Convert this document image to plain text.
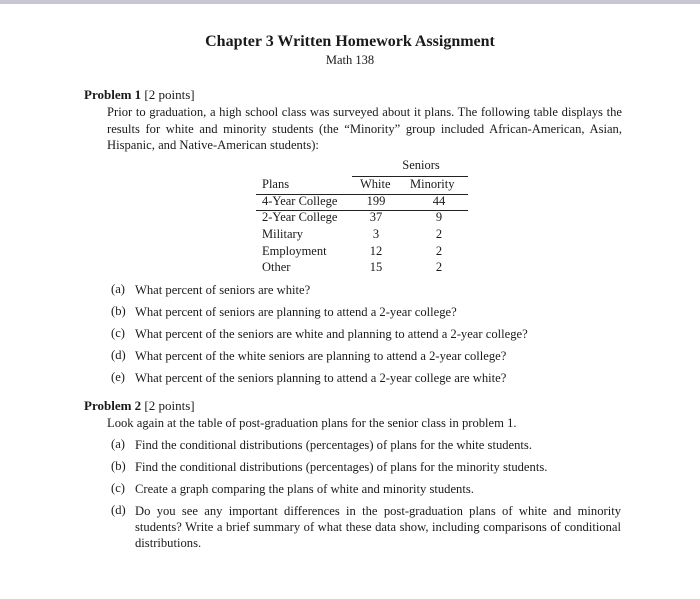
Chapter 3 Written Homework Assignment
Math 138
Problem 1 [2 points]
Prior to graduation, a high school class was surveyed about it plans. The following table displays the results for white and minority students (the “Minority” group included African-American, Asian, Hispanic, and Native-American students):
Seniors
Plans	White Minority
4-Year College	199	44
2-Year College	37	9
Military	3	2
Employment	12	2
Other	15	2
(a) What percent of seniors are white?
(b) What percent of seniors are planning to attend a 2-year college?
(c) What percent of the seniors are white and planning to attend a 2-year college?
(d) What percent of the white seniors are planning to attend a 2-year college?
(e) What percent of the seniors planning to attend a 2-year college are white?
Problem 2 [2 points]
Look again at the table of post-graduation plans for the senior class in problem 1.
(a) Find the conditional distributions (percentages) of plans for the white students.
(b) Find the conditional distributions (percentages) of plans for the minority students.
(c) Create a graph comparing the plans of white and minority students.
(d) Do you see any important differences in the post-graduation plans of white and minority students? Write a brief summary of what these data show, including comparisons of conditional distributions.
